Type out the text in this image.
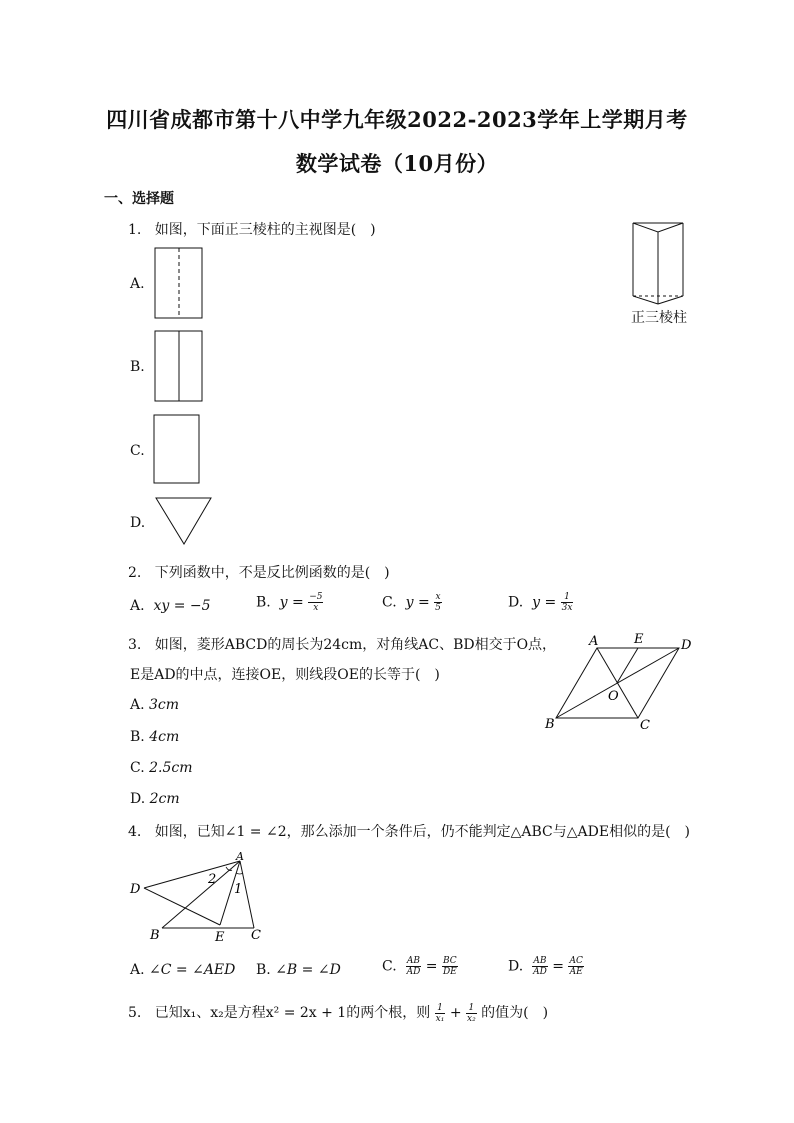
四川省成都市第十八中学九年级2022-2023学年上学期月考
数学试卷（10月份）
一、选择题
1. 如图，下面正三棱柱的主视图是(　)
A.
B.
C.
D.
正三棱柱
2. 下列函数中，不是反比例函数的是(　)
A. xy = −5	B. $y = \frac{-5}{x}$	C. $y = \frac{x}{5}$	D. $y = \frac{1}{3x}$
3. 如图，菱形ABCD的周长为24cm，对角线AC、BD相交于O点，
E是AD的中点，连接OE，则线段OE的长等于(　)
A. 3cm
B. 4cm
C. 2.5cm
D. 2cm
A	E	D
O
B	C
4. 如图，已知∠1 = ∠2，那么添加一个条件后，仍不能判定△ABC与△ADE相似的是(　)
A
D
B	E C
1
2
A. ∠C = ∠AED B. ∠B = ∠D	C. $\frac{AB}{AD} = \frac{BC}{DE}$	D. $\frac{AB}{AD} = \frac{AC}{AE}$
5. 已知x₁、x₂是方程x² = 2x + 1的两个根，则 $\frac{1}{\text{x₁}} + \frac{1}{\text{x₂}}$ 的值为(　)
